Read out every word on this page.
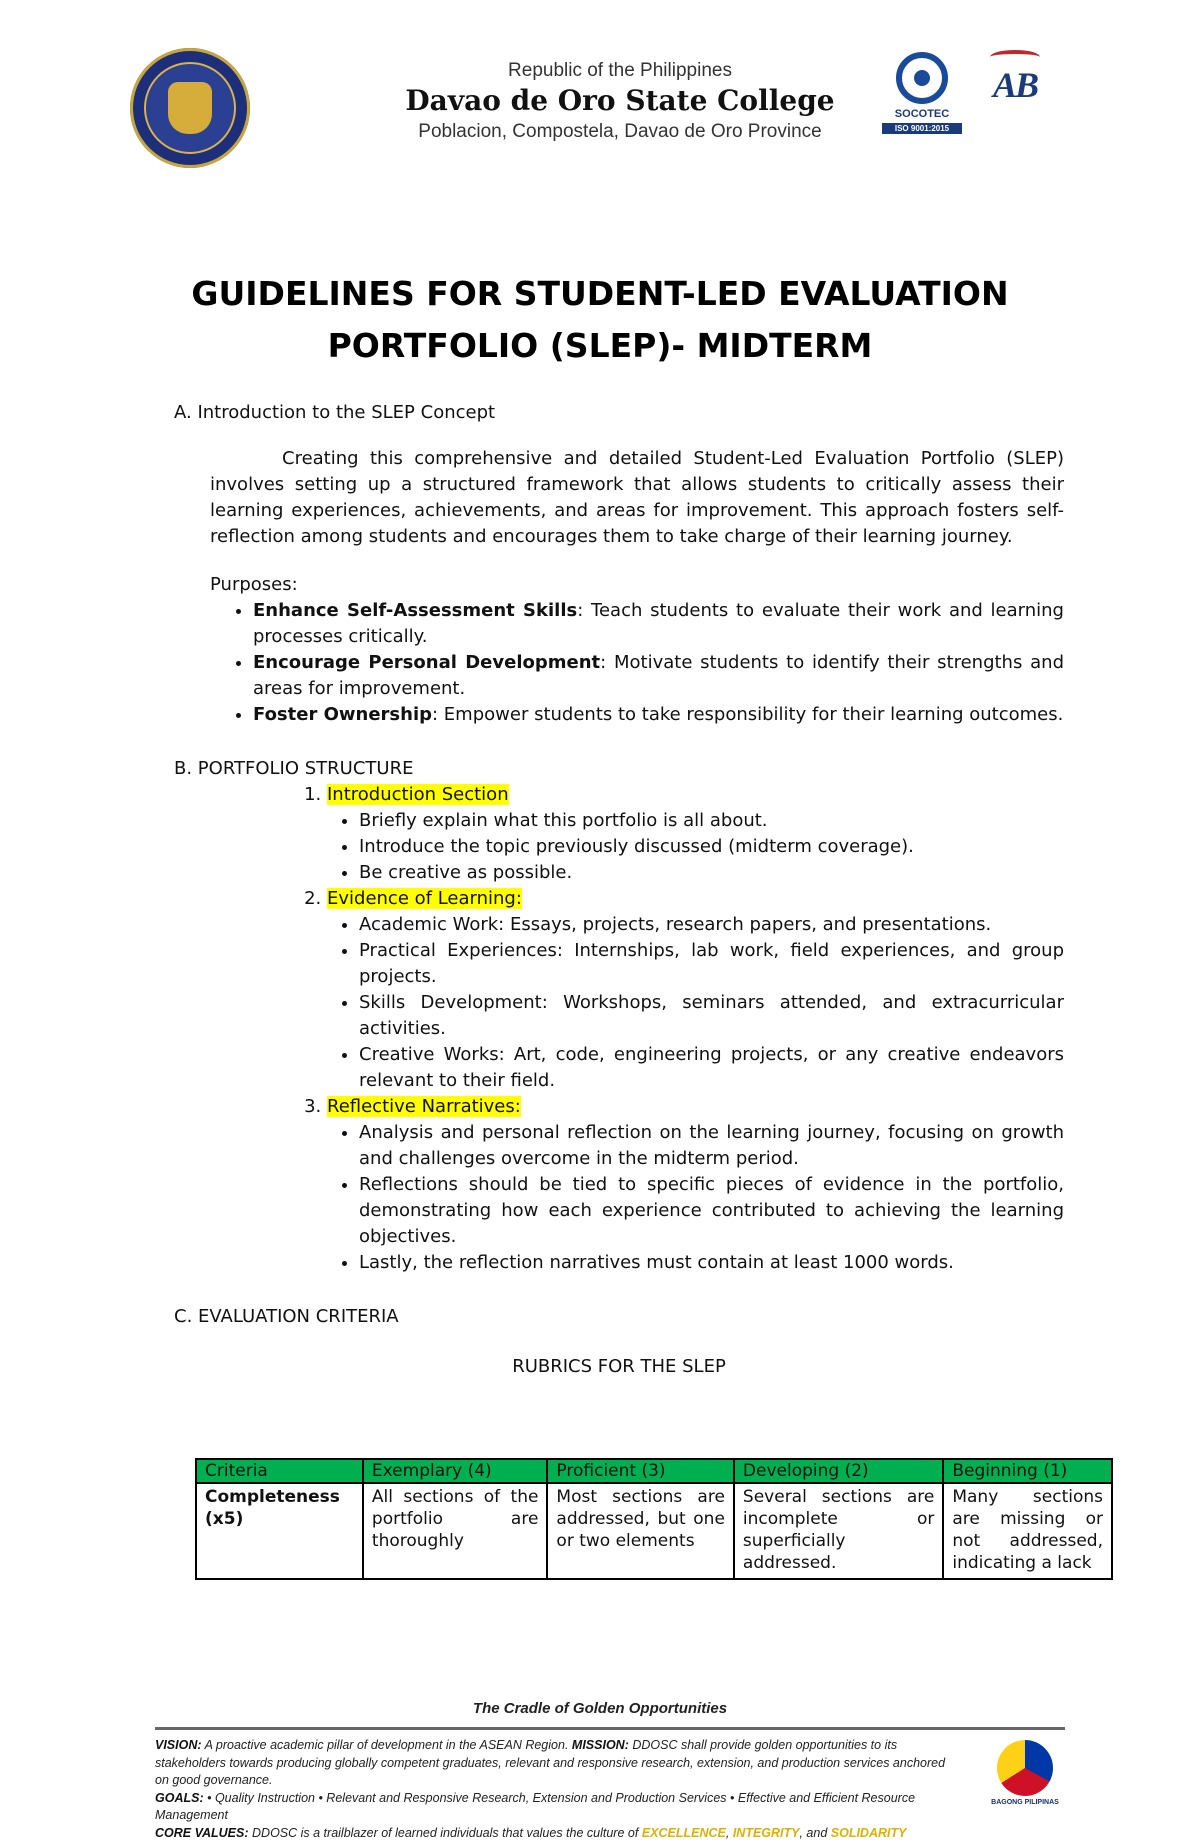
Republic of the Philippines
Davao de Oro State College
Poblacion, Compostela, Davao de Oro Province
SOCOTEC
ISO 9001:2015
AB
GUIDELINES FOR STUDENT-LED EVALUATION
PORTFOLIO (SLEP)- MIDTERM
A. Introduction to the SLEP Concept
Creating this comprehensive and detailed Student-Led Evaluation Portfolio (SLEP) involves setting up a structured framework that allows students to critically assess their learning experiences, achievements, and areas for improvement. This approach fosters self-reflection among students and encourages them to take charge of their learning journey.
Purposes:
• Enhance Self-Assessment Skills: Teach students to evaluate their work and learning processes critically.
• Encourage Personal Development: Motivate students to identify their strengths and areas for improvement.
• Foster Ownership: Empower students to take responsibility for their learning outcomes.
B. PORTFOLIO STRUCTURE
1. Introduction Section
• Briefly explain what this portfolio is all about.
• Introduce the topic previously discussed (midterm coverage).
• Be creative as possible.
2. Evidence of Learning:
• Academic Work: Essays, projects, research papers, and presentations.
• Practical Experiences: Internships, lab work, field experiences, and group projects.
• Skills Development: Workshops, seminars attended, and extracurricular activities.
• Creative Works: Art, code, engineering projects, or any creative endeavors relevant to their field.
3. Reflective Narratives:
• Analysis and personal reflection on the learning journey, focusing on growth and challenges overcome in the midterm period.
• Reflections should be tied to specific pieces of evidence in the portfolio, demonstrating how each experience contributed to achieving the learning objectives.
• Lastly, the reflection narratives must contain at least 1000 words.
C. EVALUATION CRITERIA
RUBRICS FOR THE SLEP
Criteria	Exemplary (4)	Proficient (3)	Developing (2)	Beginning (1)
Completeness (x5)	All sections of the portfolio are thoroughly	Most sections are addressed, but one or two elements	Several sections are incomplete or superficially addressed.	Many sections are missing or not addressed, indicating a lack
The Cradle of Golden Opportunities
VISION: A proactive academic pillar of development in the ASEAN Region. MISSION: DDOSC shall provide golden opportunities to its stakeholders towards producing globally competent graduates, relevant and responsive research, extension, and production services anchored on good governance.
GOALS: • Quality Instruction • Relevant and Responsive Research, Extension and Production Services • Effective and Efficient Resource Management
CORE VALUES: DDOSC is a trailblazer of learned individuals that values the culture of EXCELLENCE, INTEGRITY, and SOLIDARITY
BAGONG PILIPINAS
